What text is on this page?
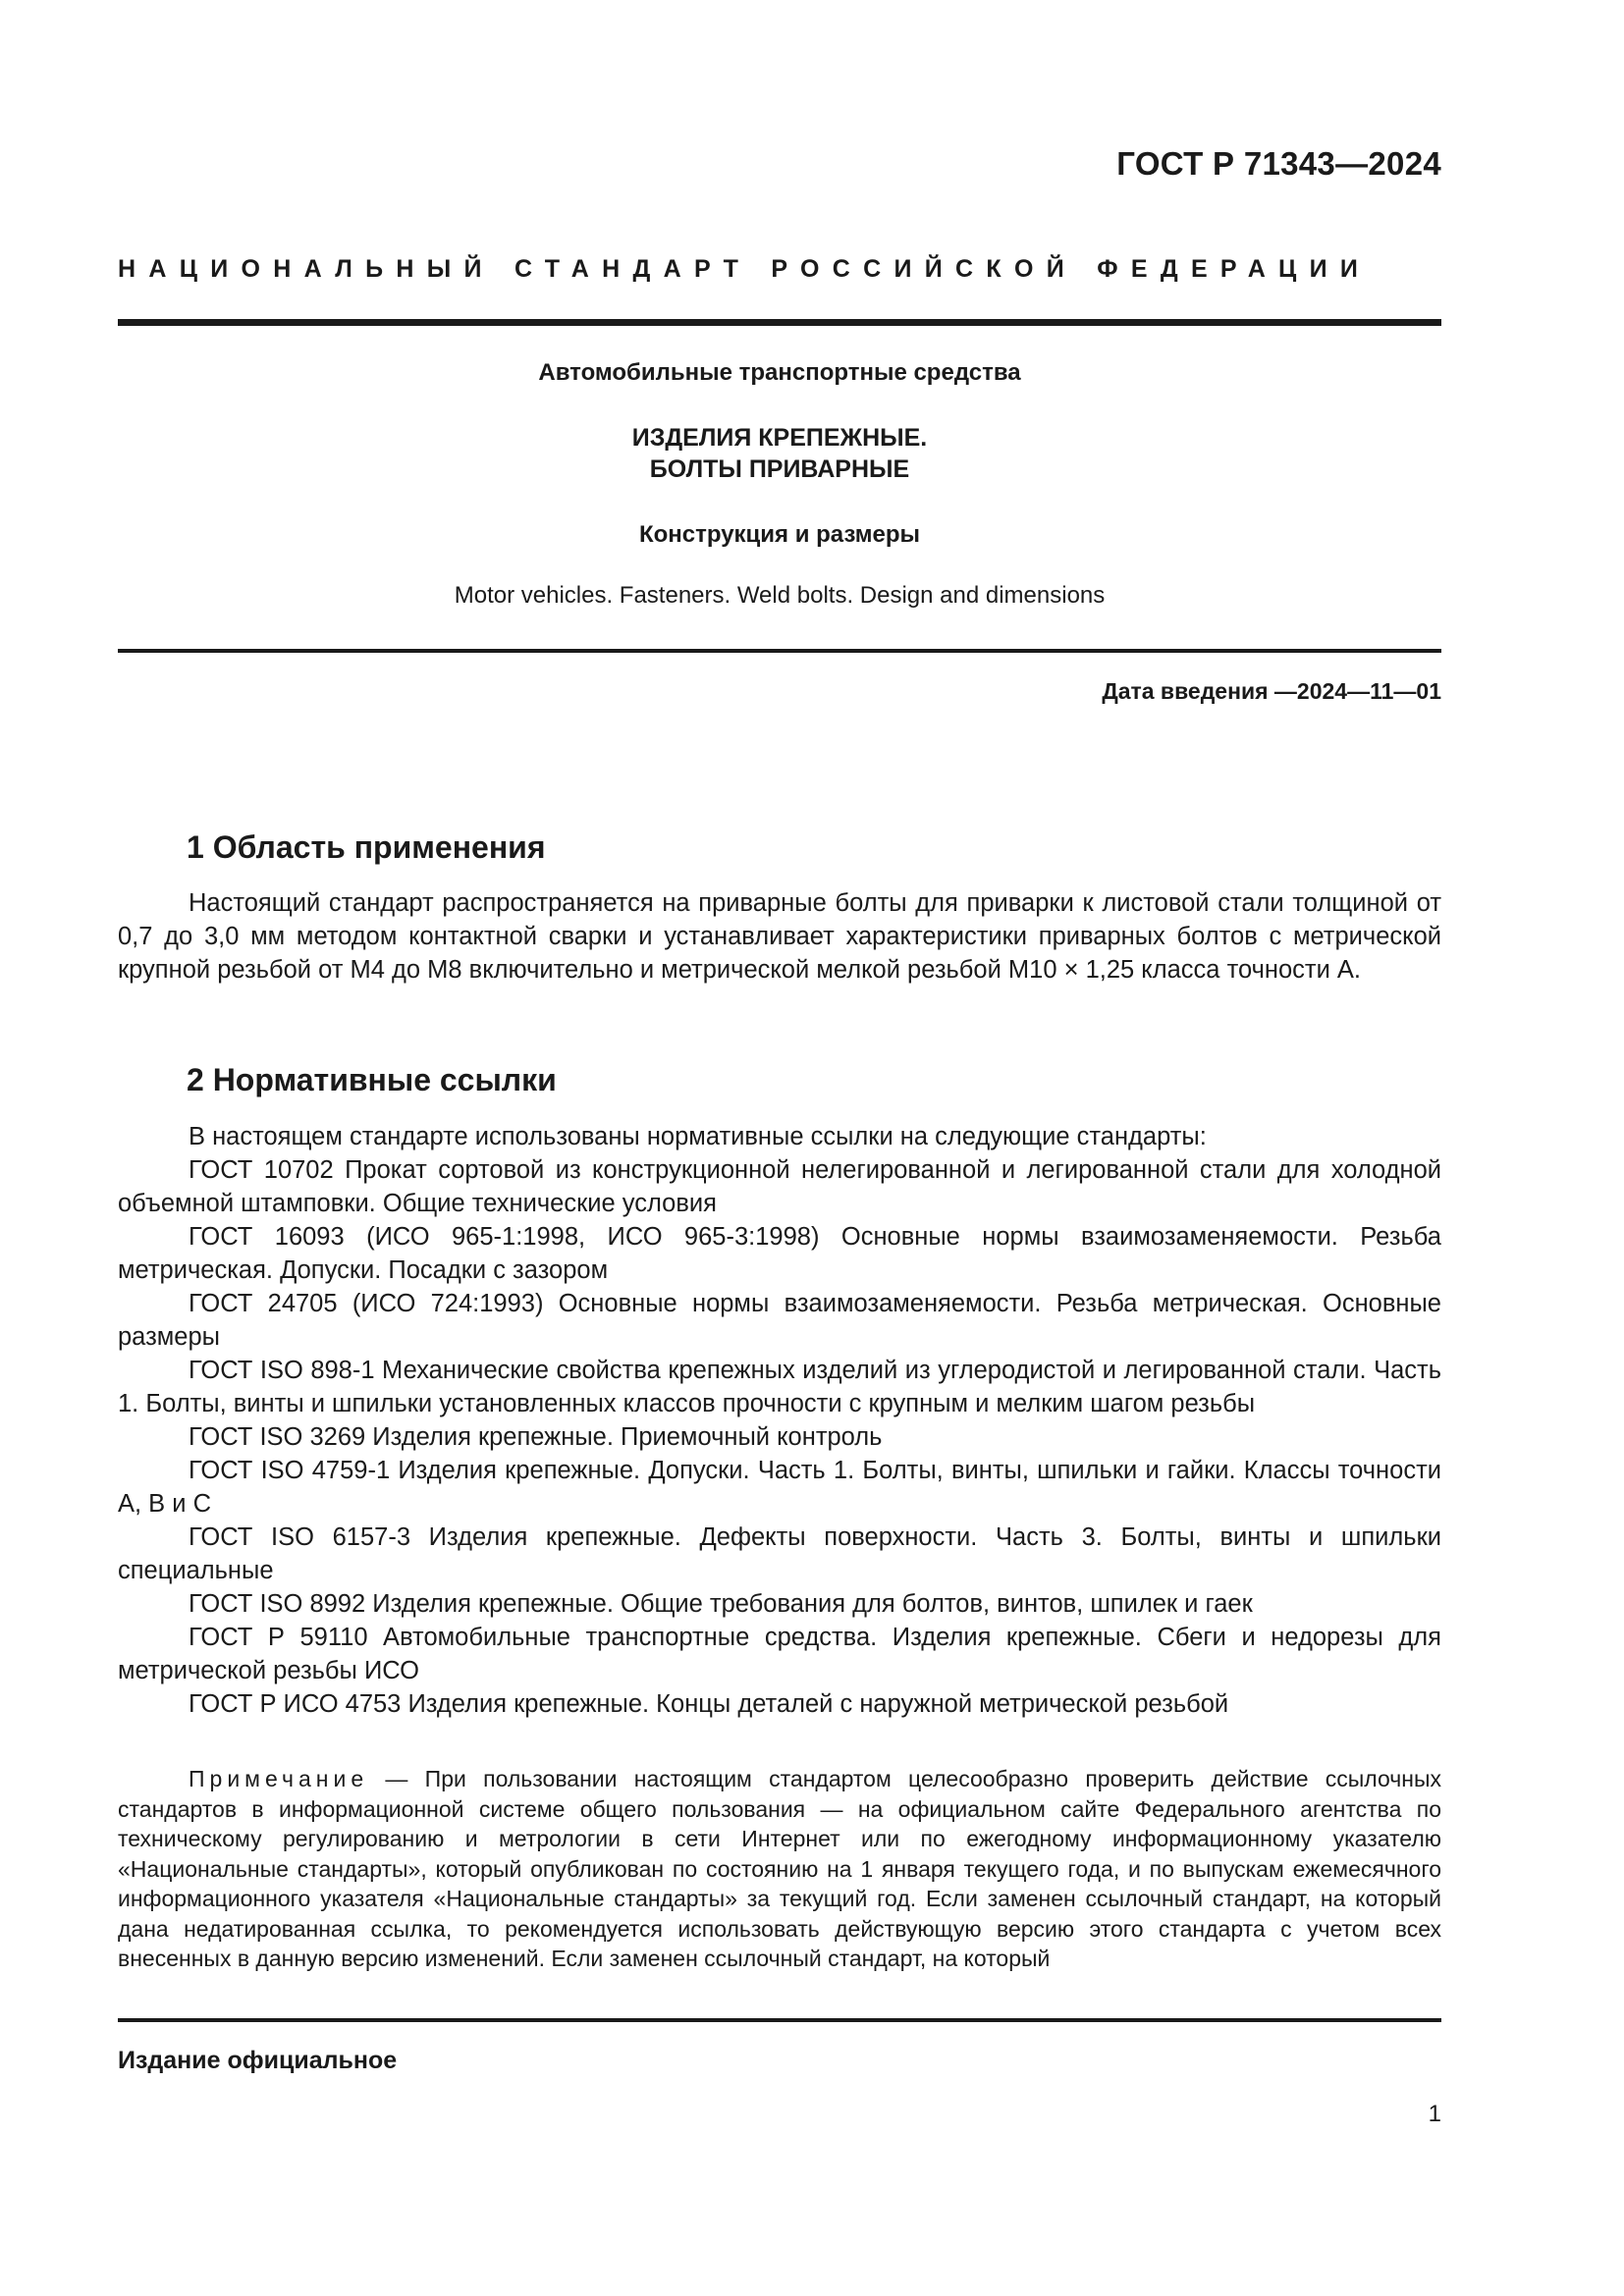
ГОСТ Р 71343—2024
НАЦИОНАЛЬНЫЙ СТАНДАРТ РОССИЙСКОЙ ФЕДЕРАЦИИ
Автомобильные транспортные средства
ИЗДЕЛИЯ КРЕПЕЖНЫЕ.
БОЛТЫ ПРИВАРНЫЕ
Конструкция и размеры
Motor vehicles. Fasteners. Weld bolts. Design and dimensions
Дата введения —2024—11—01
1 Область применения

Настоящий стандарт распространяется на приварные болты для приварки к листовой стали толщиной от 0,7 до 3,0 мм методом контактной сварки и устанавливает характеристики приварных болтов с метрической крупной резьбой от М4 до М8 включительно и метрической мелкой резьбой М10 × 1,25 класса точности А.

2 Нормативные ссылки

В настоящем стандарте использованы нормативные ссылки на следующие стандарты:

ГОСТ 10702 Прокат сортовой из конструкционной нелегированной и легированной стали для холодной объемной штамповки. Общие технические условия

ГОСТ 16093 (ИСО 965-1:1998, ИСО 965-3:1998) Основные нормы взаимозаменяемости. Резьба метрическая. Допуски. Посадки с зазором

ГОСТ 24705 (ИСО 724:1993) Основные нормы взаимозаменяемости. Резьба метрическая. Основные размеры

ГОСТ ISO 898-1 Механические свойства крепежных изделий из углеродистой и легированной стали. Часть 1. Болты, винты и шпильки установленных классов прочности с крупным и мелким шагом резьбы

ГОСТ ISO 3269 Изделия крепежные. Приемочный контроль

ГОСТ ISO 4759-1 Изделия крепежные. Допуски. Часть 1. Болты, винты, шпильки и гайки. Классы точности А, В и С

ГОСТ ISO 6157-3 Изделия крепежные. Дефекты поверхности. Часть 3. Болты, винты и шпильки специальные

ГОСТ ISO 8992 Изделия крепежные. Общие требования для болтов, винтов, шпилек и гаек

ГОСТ Р 59110 Автомобильные транспортные средства. Изделия крепежные. Сбеги и недорезы для метрической резьбы ИСО

ГОСТ Р ИСО 4753 Изделия крепежные. Концы деталей с наружной метрической резьбой

Примечание — При пользовании настоящим стандартом целесообразно проверить действие ссылочных стандартов в информационной системе общего пользования — на официальном сайте Федерального агентства по техническому регулированию и метрологии в сети Интернет или по ежегодному информационному указателю «Национальные стандарты», который опубликован по состоянию на 1 января текущего года, и по выпускам ежемесячного информационного указателя «Национальные стандарты» за текущий год. Если заменен ссылочный стандарт, на который дана недатированная ссылка, то рекомендуется использовать действующую версию этого стандарта с учетом всех внесенных в данную версию изменений. Если заменен ссылочный стандарт, на который
Издание официальное
1
